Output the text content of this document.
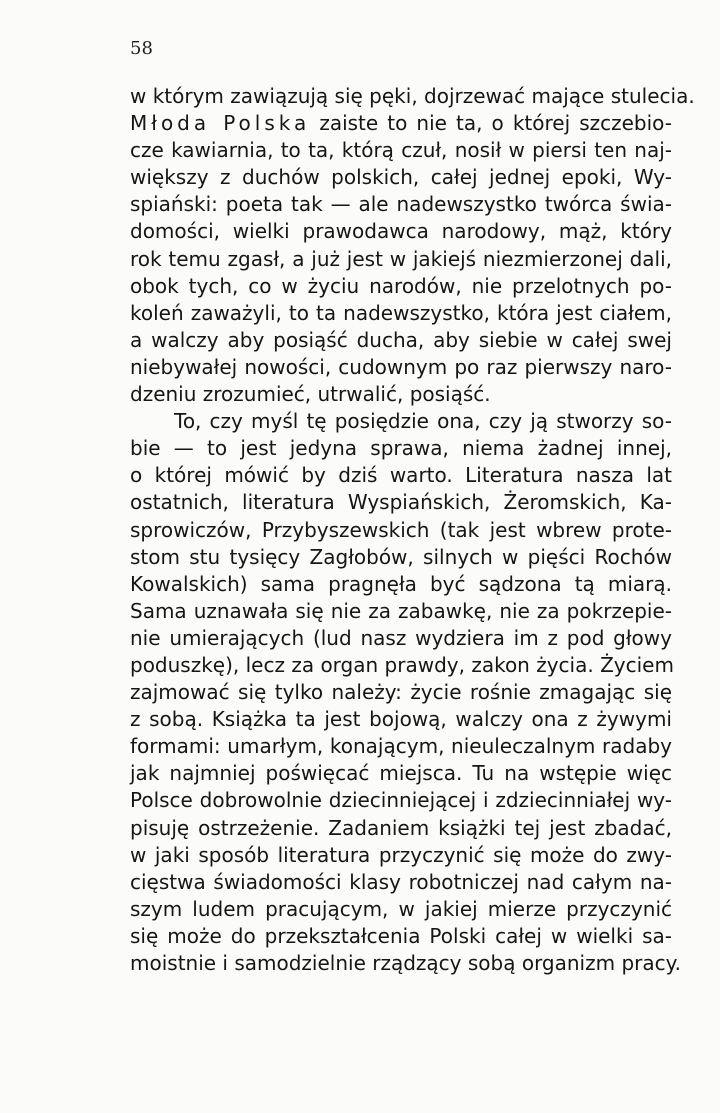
58
w którym zawiązują się pęki, dojrzewać mające stulecia.
Młoda Polska zaiste to nie ta, o której szczebio-
cze kawiarnia, to ta, którą czuł, nosił w piersi ten naj-
większy z duchów polskich, całej jednej epoki, Wy-
spiański: poeta tak — ale nadewszystko twórca świa-
domości, wielki prawodawca narodowy, mąż, który
rok temu zgasł, a już jest w jakiejś niezmierzonej dali,
obok tych, co w życiu narodów, nie przelotnych po-
koleń zaważyli, to ta nadewszystko, która jest ciałem,
a walczy aby posiąść ducha, aby siebie w całej swej
niebywałej nowości, cudownym po raz pierwszy naro-
dzeniu zrozumieć, utrwalić, posiąść.
To, czy myśl tę posiędzie ona, czy ją stworzy so-
bie — to jest jedyna sprawa, niema żadnej innej,
o której mówić by dziś warto. Literatura nasza lat
ostatnich, literatura Wyspiańskich, Żeromskich, Ka-
sprowiczów, Przybyszewskich (tak jest wbrew prote-
stom stu tysięcy Zagłobów, silnych w pięści Rochów
Kowalskich) sama pragnęła być sądzona tą miarą.
Sama uznawała się nie za zabawkę, nie za pokrzepie-
nie umierających (lud nasz wydziera im z pod głowy
poduszkę), lecz za organ prawdy, zakon życia. Życiem
zajmować się tylko należy: życie rośnie zmagając się
z sobą. Książka ta jest bojową, walczy ona z żywymi
formami: umarłym, konającym, nieuleczalnym radaby
jak najmniej poświęcać miejsca. Tu na wstępie więc
Polsce dobrowolnie dziecinniejącej i zdziecinniałej wy-
pisuję ostrzeżenie. Zadaniem książki tej jest zbadać,
w jaki sposób literatura przyczynić się może do zwy-
cięstwa świadomości klasy robotniczej nad całym na-
szym ludem pracującym, w jakiej mierze przyczynić
się może do przekształcenia Polski całej w wielki sa-
moistnie i samodzielnie rządzący sobą organizm pracy.
